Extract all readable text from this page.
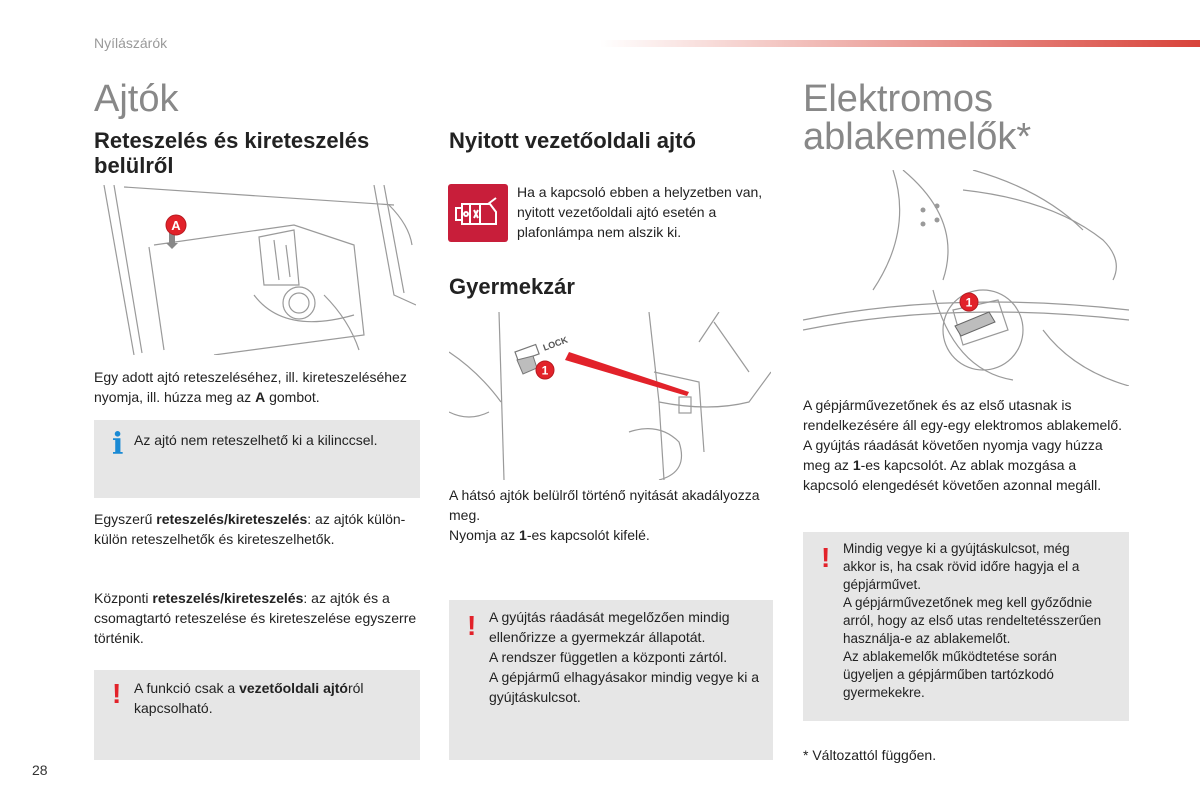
Nyílászárók
Ajtók
Reteszelés és kireteszelés belülről
A
Egy adott ajtó reteszeléséhez, ill. kireteszeléséhez nyomja, ill. húzza meg az A gombot.
i Az ajtó nem reteszelhető ki a kilinccsel.
Egyszerű reteszelés/kireteszelés: az ajtók külön-külön reteszelhetők és kireteszelhetők.
Központi reteszelés/kireteszelés: az ajtók és a csomagtartó reteszelése és kireteszelése egyszerre történik.
! A funkció csak a vezetőoldali ajtóról kapcsolható.
28
Nyitott vezetőoldali ajtó
Ha a kapcsoló ebben a helyzetben van, nyitott vezetőoldali ajtó esetén a plafonlámpa nem alszik ki.
Gyermekzár
LOCK
1
A hátsó ajtók belülről történő nyitását akadályozza meg.
Nyomja az 1-es kapcsolót kifelé.
! A gyújtás ráadását megelőzően mindig ellenőrizze a gyermekzár állapotát.
A rendszer független a központi zártól.
A gépjármű elhagyásakor mindig vegye ki a gyújtáskulcsot.
Elektromos
ablakemelők*
1
A gépjárművezetőnek és az első utasnak is rendelkezésére áll egy-egy elektromos ablakemelő.
A gyújtás ráadását követően nyomja vagy húzza meg az 1-es kapcsolót. Az ablak mozgása a kapcsoló elengedését követően azonnal megáll.
! Mindig vegye ki a gyújtáskulcsot, még akkor is, ha csak rövid időre hagyja el a gépjárművet.
A gépjárművezetőnek meg kell győződnie arról, hogy az első utas rendeltetésszerűen használja-e az ablakemelőt.
Az ablakemelők működtetése során ügyeljen a gépjárműben tartózkodó gyermekekre.
* Változattól függően.
